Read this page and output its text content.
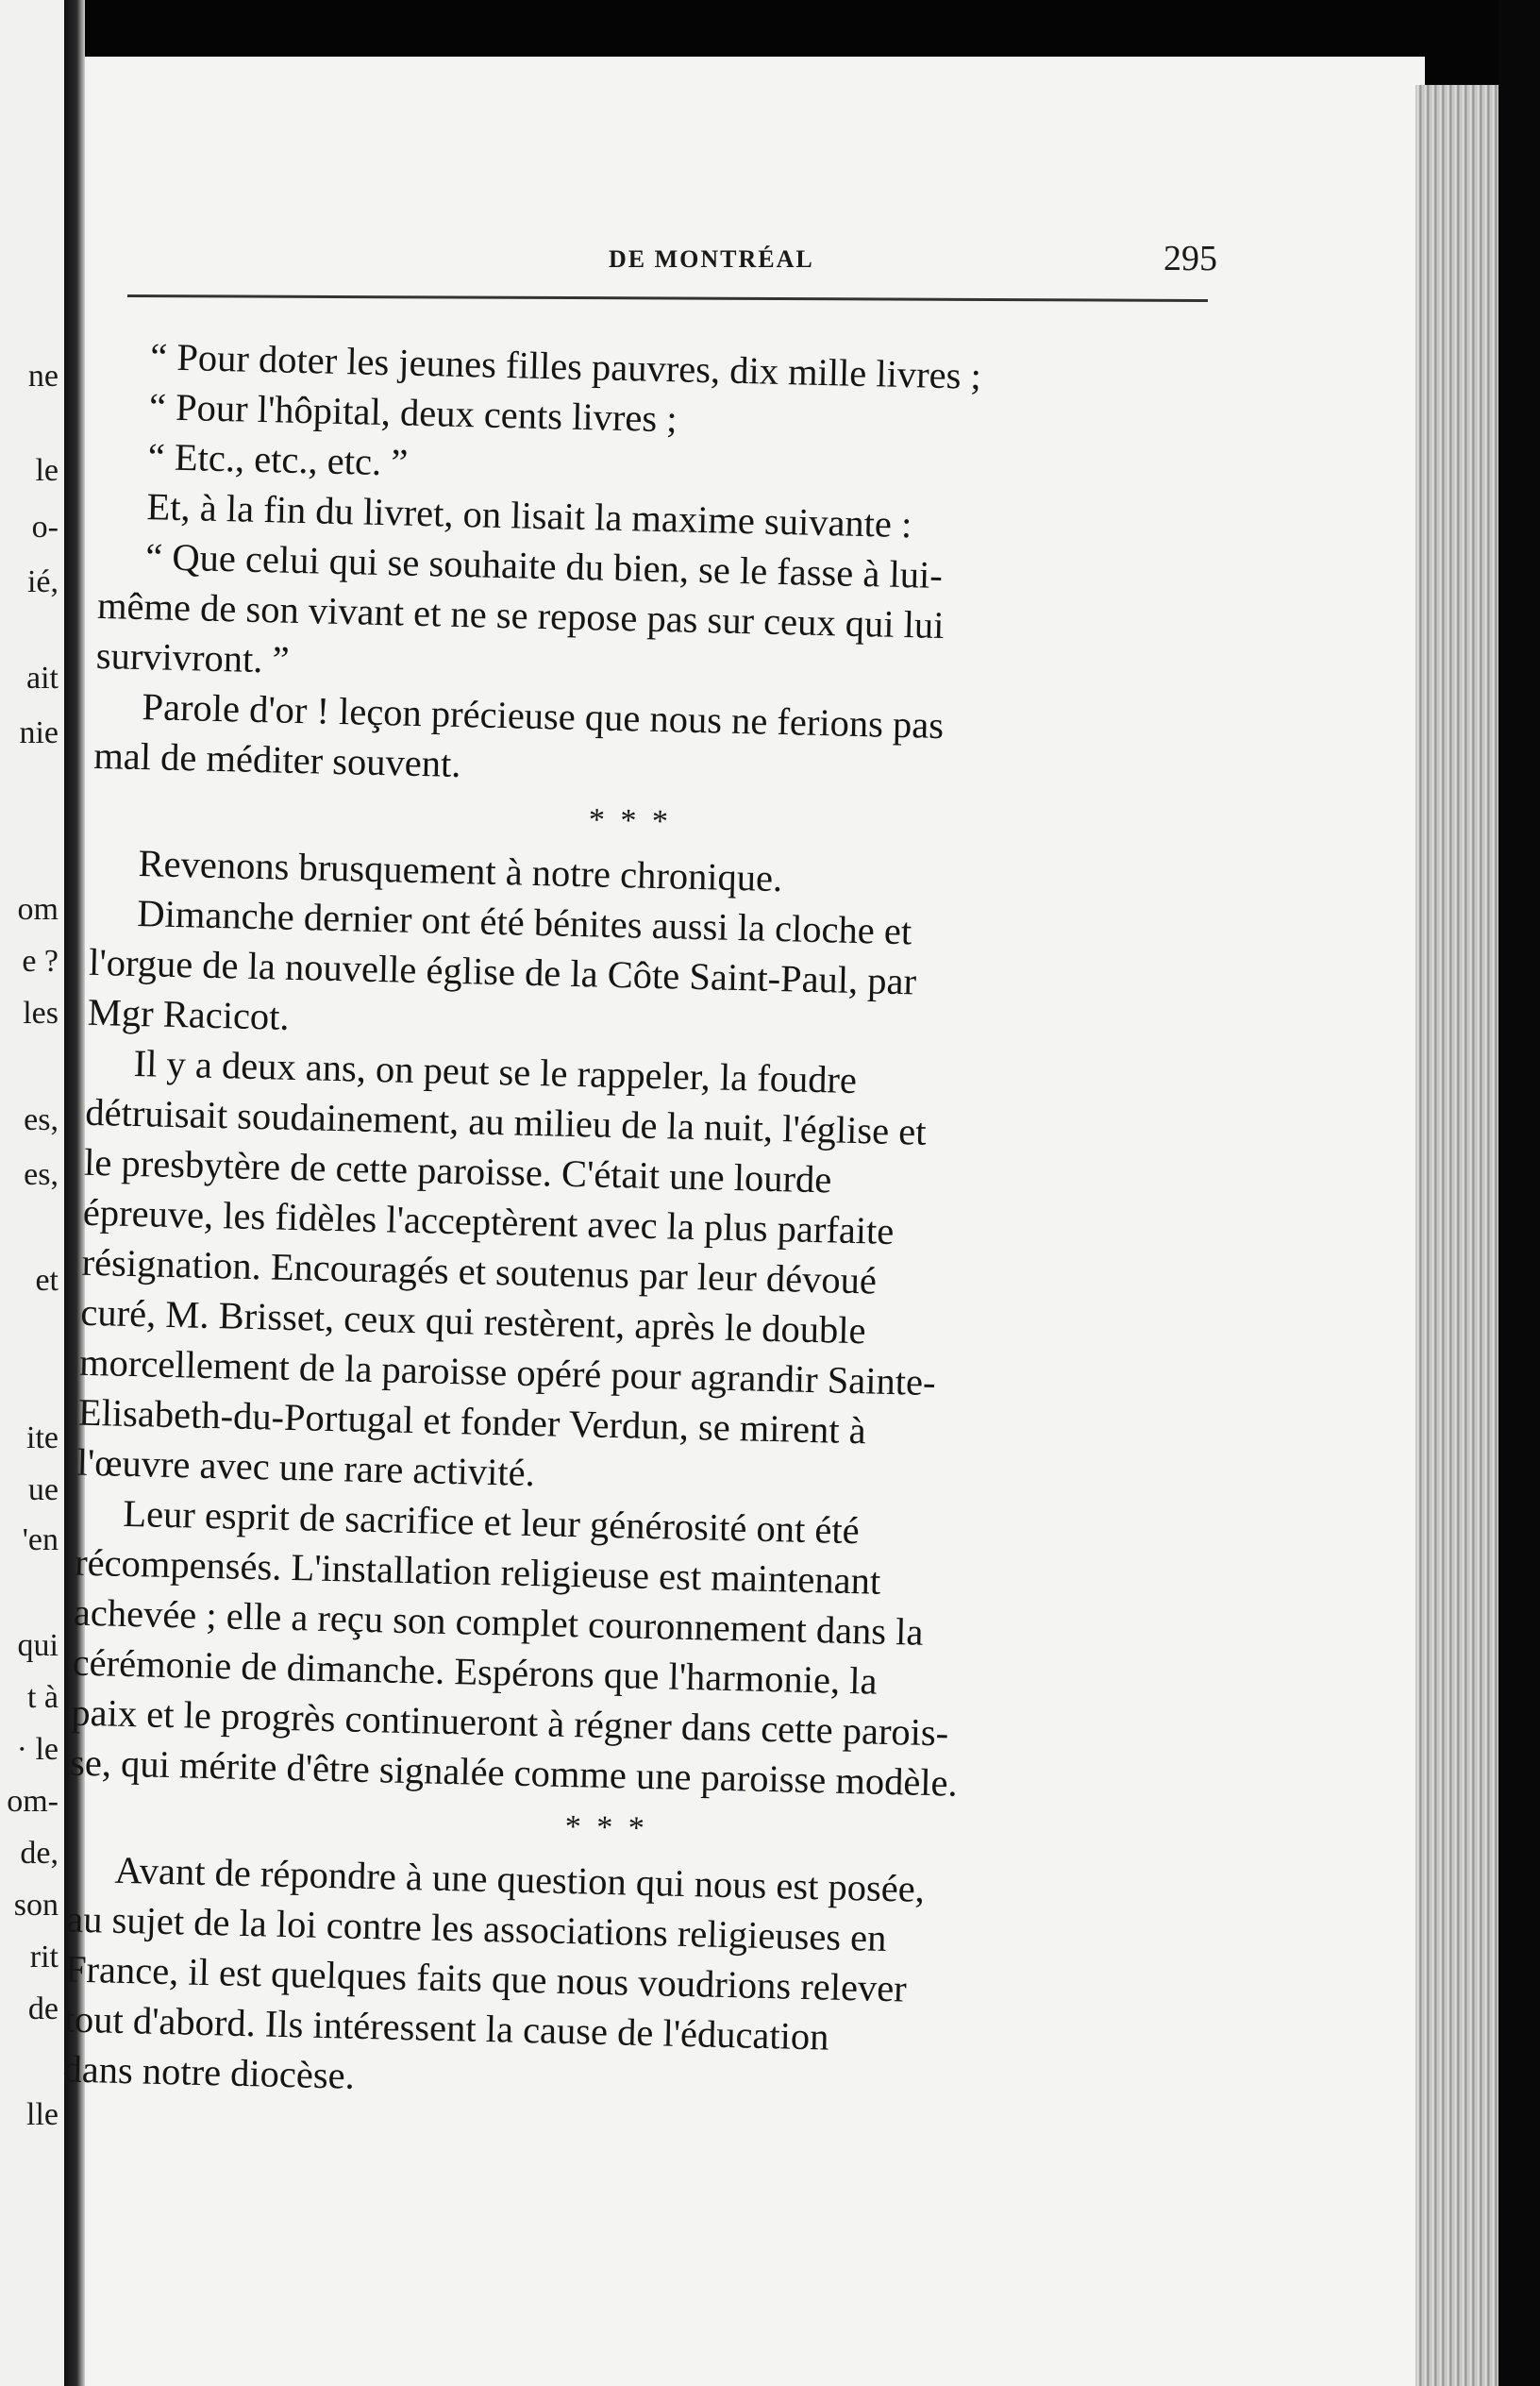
ne
le
o-
ié,
ait
nie
om
e ?
les
es,
es,
et
ite
ue
'en
qui
t à
· le
om-
de,
son
rit
de
lle
DE MONTRÉAL	295
“ Pour doter les jeunes filles pauvres, dix mille livres ;
“ Pour l'hôpital, deux cents livres ;
“ Etc., etc., etc. ”
Et, à la fin du livret, on lisait la maxime suivante :
“ Que celui qui se souhaite du bien, se le fasse à lui-
même de son vivant et ne se repose pas sur ceux qui lui
survivront. ”
Parole d'or ! leçon précieuse que nous ne ferions pas
mal de méditer souvent.
* * *
Revenons brusquement à notre chronique.
Dimanche dernier ont été bénites aussi la cloche et
l'orgue de la nouvelle église de la Côte Saint-Paul, par
Mgr Racicot.
Il y a deux ans, on peut se le rappeler, la foudre
détruisait soudainement, au milieu de la nuit, l'église et
le presbytère de cette paroisse. C'était une lourde
épreuve, les fidèles l'acceptèrent avec la plus parfaite
résignation. Encouragés et soutenus par leur dévoué
curé, M. Brisset, ceux qui restèrent, après le double
morcellement de la paroisse opéré pour agrandir Sainte-
Elisabeth-du-Portugal et fonder Verdun, se mirent à
l'œuvre avec une rare activité.
Leur esprit de sacrifice et leur générosité ont été
récompensés. L'installation religieuse est maintenant
achevée ; elle a reçu son complet couronnement dans la
cérémonie de dimanche. Espérons que l'harmonie, la
paix et le progrès continueront à régner dans cette parois-
se, qui mérite d'être signalée comme une paroisse modèle.
* * *
Avant de répondre à une question qui nous est posée,
au sujet de la loi contre les associations religieuses en
France, il est quelques faits que nous voudrions relever
tout d'abord. Ils intéressent la cause de l'éducation
dans notre diocèse.
